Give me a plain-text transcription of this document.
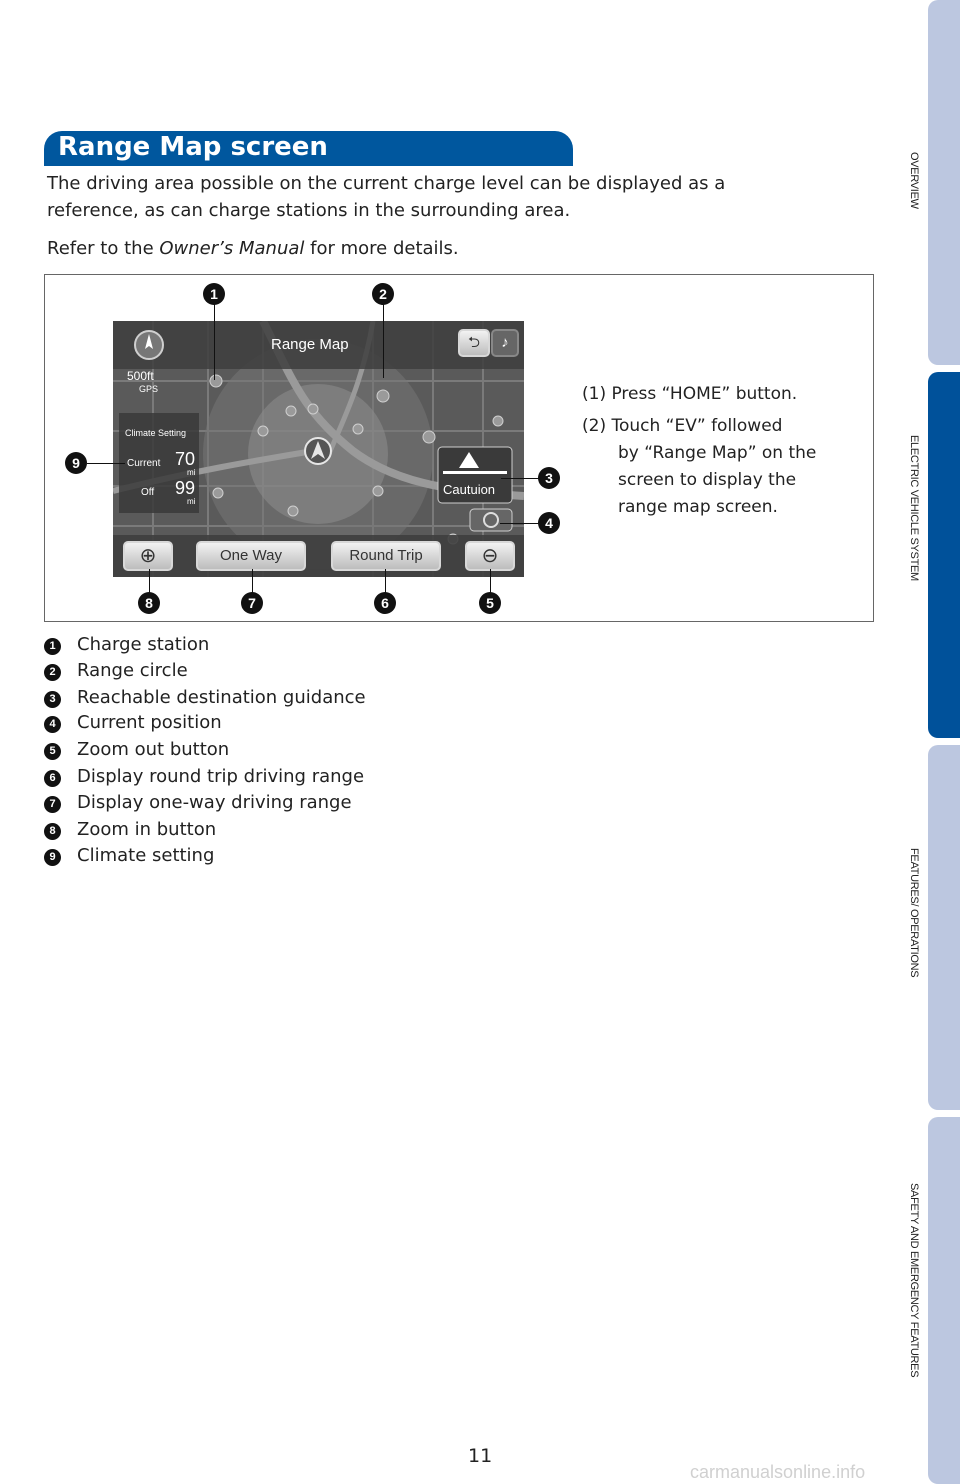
OVERVIEW
ELECTRIC VEHICLE SYSTEM
FEATURES/ OPERATIONS
SAFETY AND EMERGENCY FEATURES
Range Map screen
The driving area possible on the current charge level can be displayed as a
reference, as can charge stations in the surrounding area.
Refer to the Owner’s Manual for more details.
Range Map	⮌	♪
500ft
GPS
Climate Setting
Current 70
mi
Off 99
mi
Cautuion
⊕	One Way	Round Trip	⊖
1	2
3
4
5
6
7
8
9
(1) Press “HOME” button.
(2) Touch “EV” followed
by “Range Map” on the
screen to display the
range map screen.
1	Charge station
2	Range circle
3	Reachable destination guidance
4	Current position
5	Zoom out button
6	Display round trip driving range
7	Display one-way driving range
8	Zoom in button
9	Climate setting
11
carmanualsonline.info
